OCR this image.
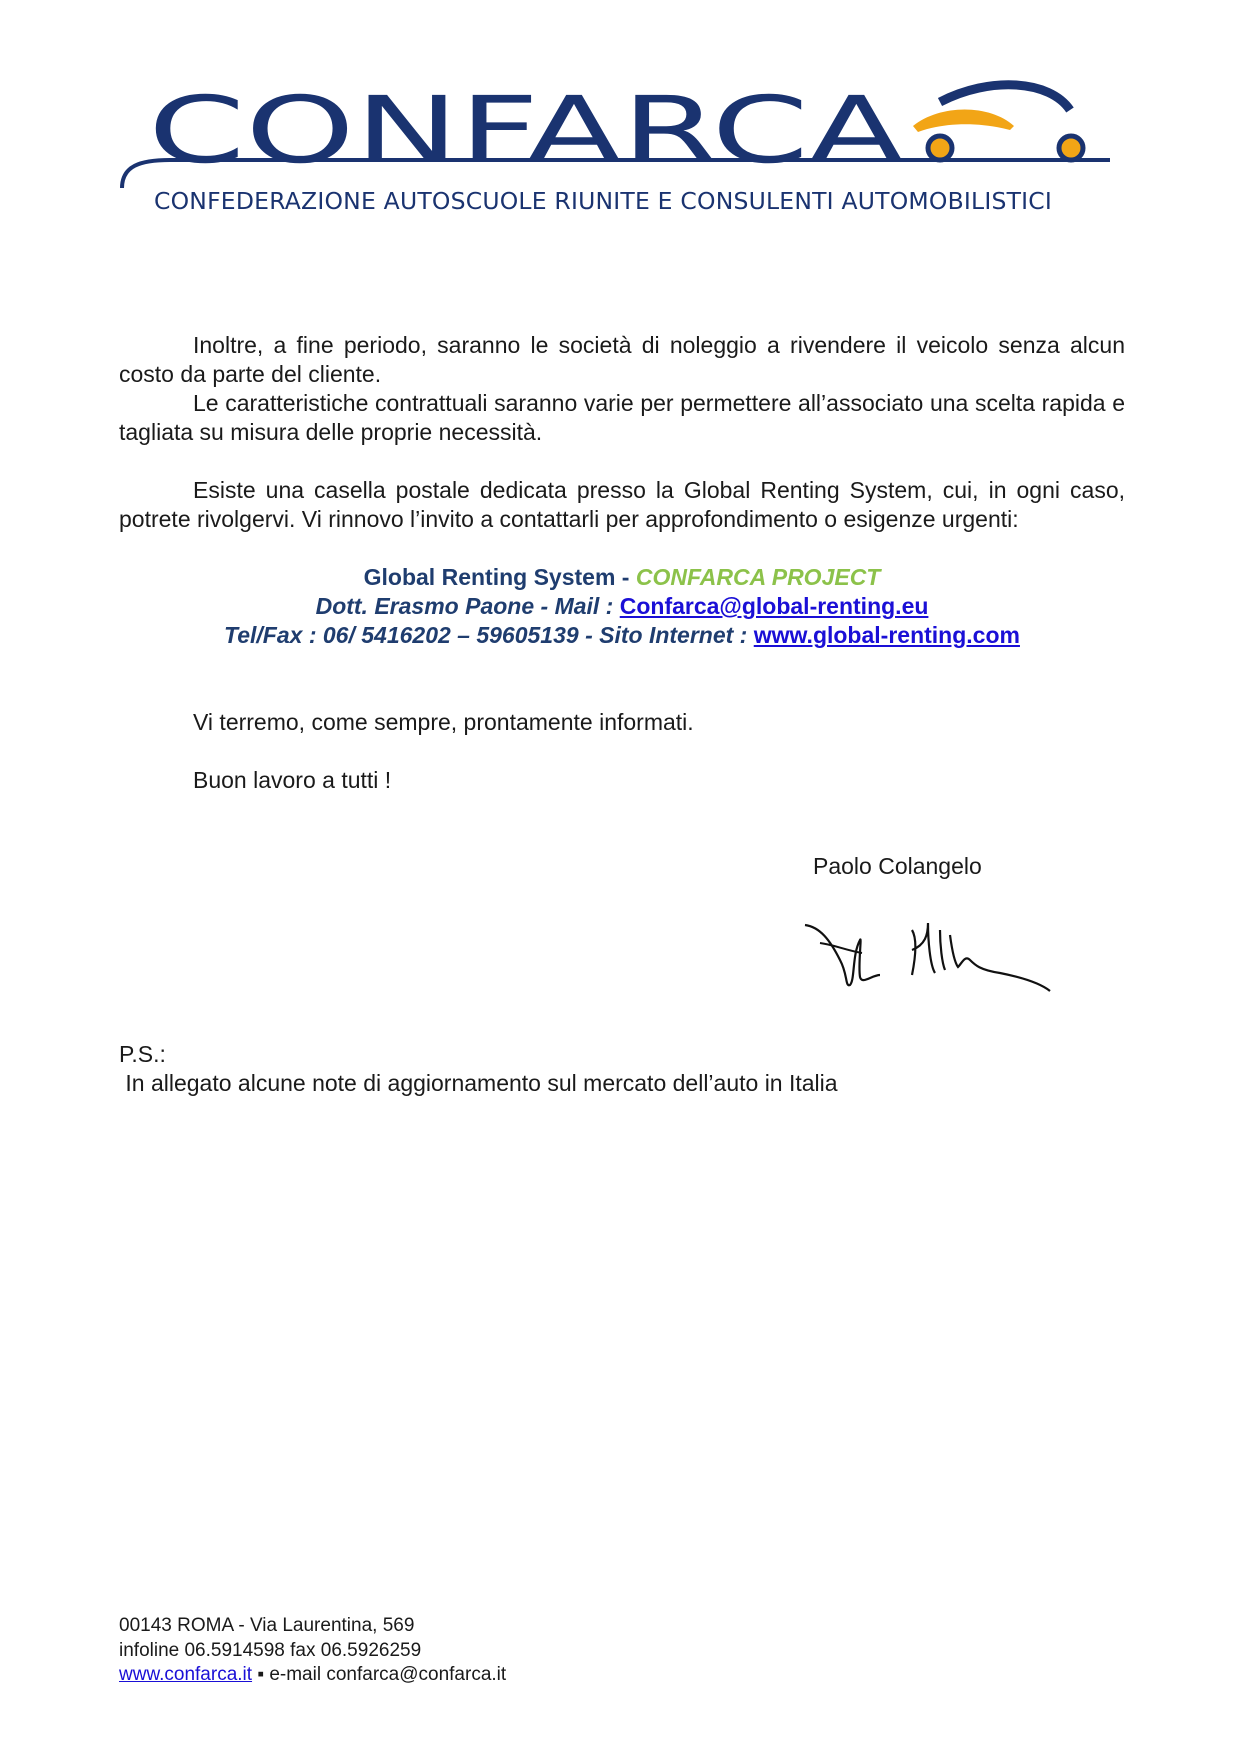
CONFARCA
CONFEDERAZIONE AUTOSCUOLE RIUNITE E CONSULENTI AUTOMOBILISTICI
Inoltre, a fine periodo, saranno le società di noleggio a rivendere il veicolo senza alcun costo da parte del cliente.
Le caratteristiche contrattuali saranno varie per permettere all’associato una scelta rapida e tagliata su misura delle proprie necessità.
Esiste una casella postale dedicata presso la Global Renting System, cui, in ogni caso, potrete rivolgervi. Vi rinnovo l’invito a contattarli per approfondimento o esigenze urgenti:
Global Renting System - CONFARCA PROJECT
Dott. Erasmo Paone - Mail : Confarca@global-renting.eu
Tel/Fax : 06/ 5416202 – 59605139 - Sito Internet : www.global-renting.com
Vi terremo, come sempre, prontamente informati.
Buon lavoro a tutti !
Paolo Colangelo
P.S.:
In allegato alcune note di aggiornamento sul mercato dell’auto in Italia
00143 ROMA - Via Laurentina, 569
infoline 06.5914598 fax 06.5926259
www.confarca.it ▪ e-mail confarca@confarca.it
